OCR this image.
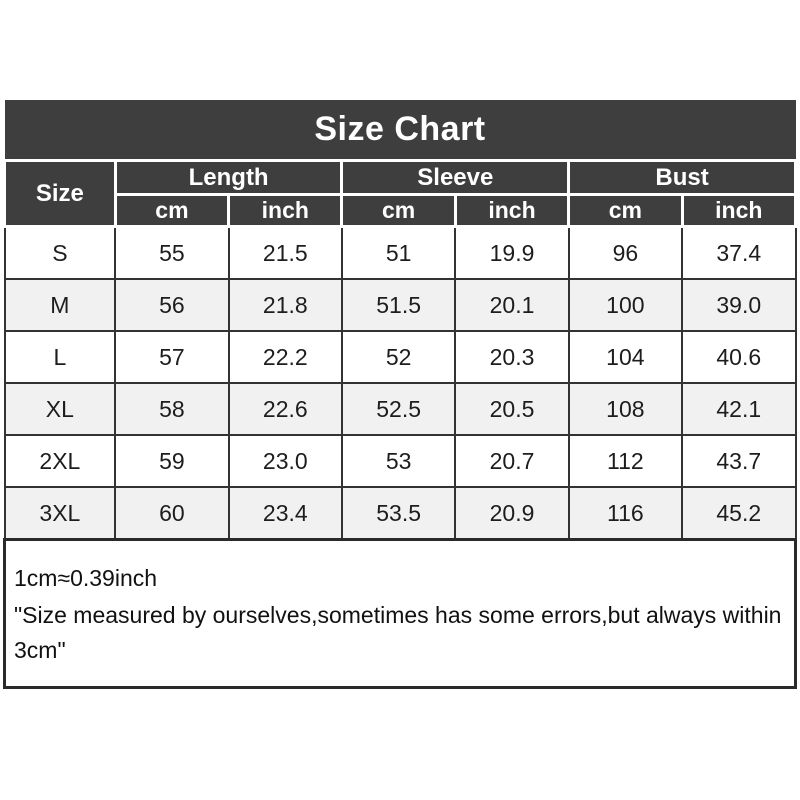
Size Chart						
Size	Length		Sleeve		Bust	
	cm	inch	cm	inch	cm	inch
S	55	21.5	51	19.9	96	37.4
M	56	21.8	51.5	20.1	100	39.0
L	57	22.2	52	20.3	104	40.6
XL	58	22.6	52.5	20.5	108	42.1
2XL	59	23.0	53	20.7	112	43.7
3XL	60	23.4	53.5	20.9	116	45.2

1cm≈0.39inch

"Size measured by ourselves,sometimes has some errors,but always within 3cm"
